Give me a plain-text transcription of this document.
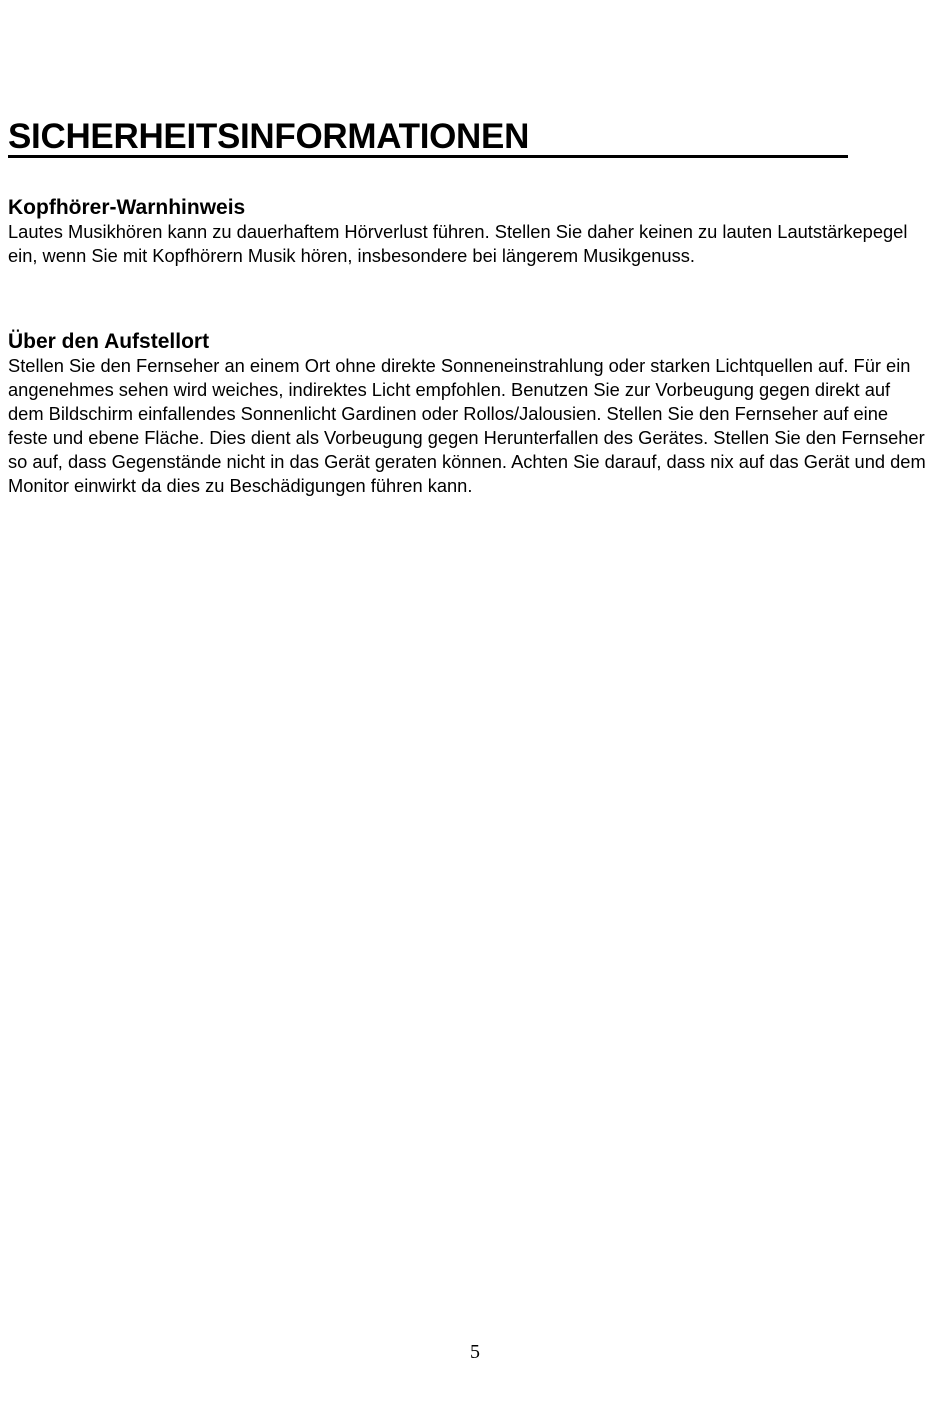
SICHERHEITSINFORMATIONEN
Kopfhörer-Warnhinweis

Lautes Musikhören kann zu dauerhaftem Hörverlust führen. Stellen Sie daher keinen zu lauten Lautstärkepegel ein, wenn Sie mit Kopfhörern Musik hören, insbesondere bei längerem Musikgenuss.

Über den Aufstellort

Stellen Sie den Fernseher an einem Ort ohne direkte Sonneneinstrahlung oder starken Lichtquellen auf. Für ein angenehmes sehen wird weiches, indirektes Licht empfohlen. Benutzen Sie zur Vorbeugung gegen direkt auf dem Bildschirm einfallendes Sonnenlicht Gardinen oder Rollos/Jalousien. Stellen Sie den Fernseher auf eine feste und ebene Fläche. Dies dient als Vorbeugung gegen Herunterfallen des Gerätes. Stellen Sie den Fernseher so auf, dass Gegenstände nicht in das Gerät geraten können. Achten Sie darauf, dass nix auf das Gerät und dem Monitor einwirkt da dies zu Beschädigungen führen kann.

5
